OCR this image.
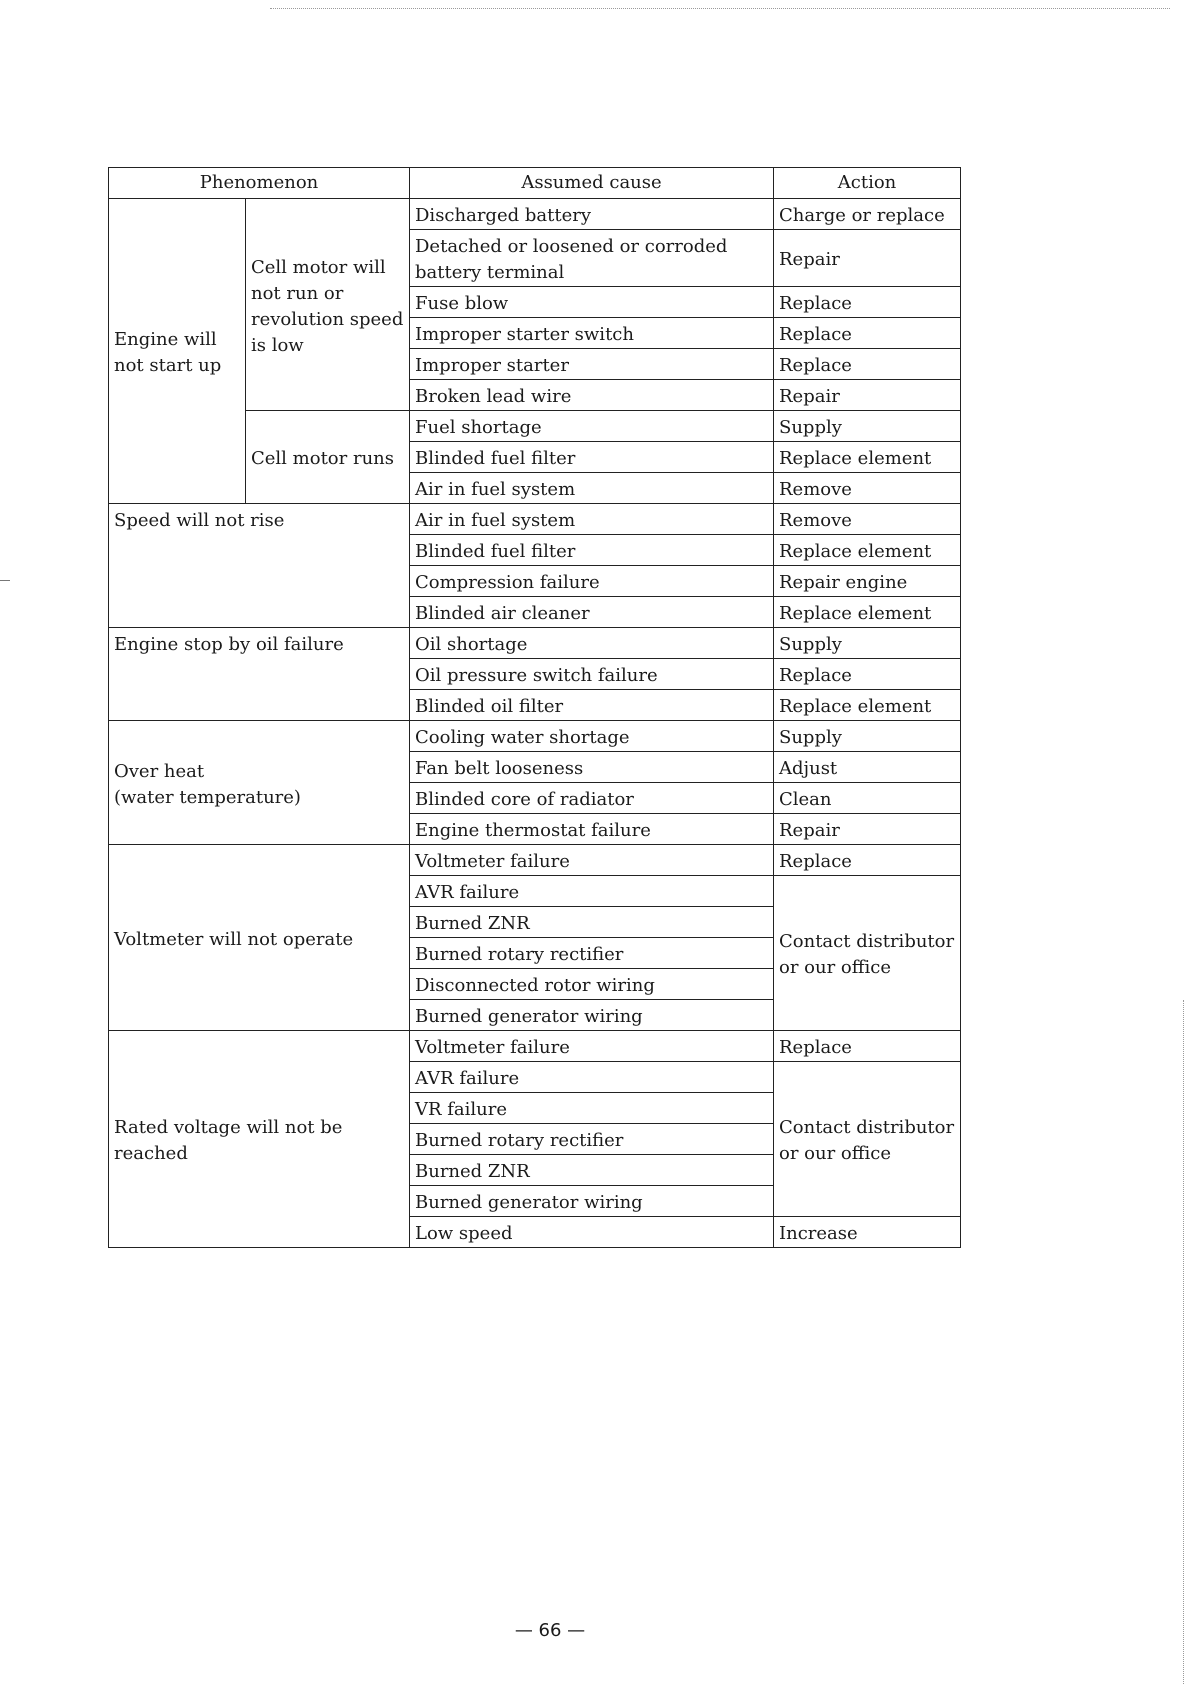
Phenomenon		Assumed cause	Action
Engine will not start up	Cell motor will not run or revolution speed is low	Discharged battery	Charge or replace
		Detached or loosened or corroded battery terminal	Repair
		Fuse blow	Replace
		Improper starter switch	Replace
		Improper starter	Replace
		Broken lead wire	Repair
	Cell motor runs	Fuel shortage	Supply
		Blinded fuel filter	Replace element
		Air in fuel system	Remove
Speed will not rise		Air in fuel system	Remove
		Blinded fuel filter	Replace element
		Compression failure	Repair engine
		Blinded air cleaner	Replace element
Engine stop by oil failure		Oil shortage	Supply
		Oil pressure switch failure	Replace
		Blinded oil filter	Replace element

Over heat
(water temperature)		Cooling water shortage	Supply
		Fan belt looseness	Adjust
		Blinded core of radiator	Clean
		Engine thermostat failure	Repair
Voltmeter will not operate		Voltmeter failure	Replace
		AVR failure	Contact distributor or our office
		Burned ZNR	
		Burned rotary rectifier	
		Disconnected rotor wiring	
		Burned generator wiring	
Rated voltage will not be reached		Voltmeter failure	Replace
		AVR failure	Contact distributor or our office
		VR failure	
		Burned rotary rectifier	
		Burned ZNR	
		Burned generator wiring	
		Low speed	Increase
— 66 —
